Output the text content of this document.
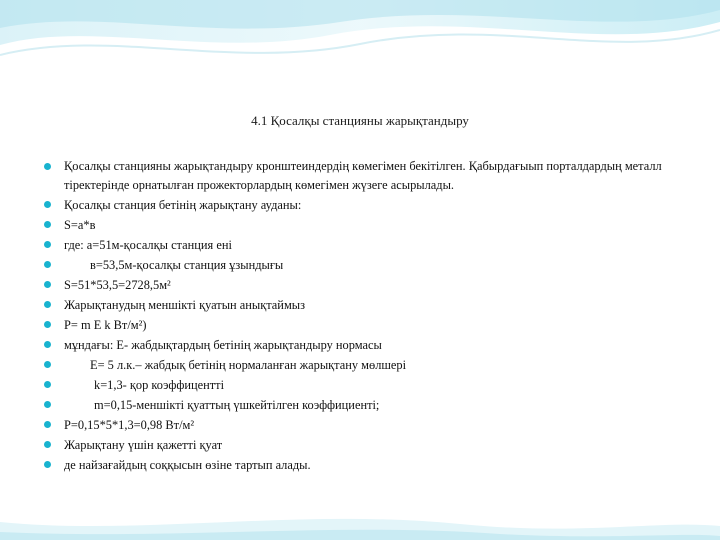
4.1 Қосалқы станцияны жарықтандыру
Қосалқы станцияны жарықтандыру кронштеиндердің көмегімен бекітілген. Қабырдағыып порталдардың металл тіректерінде орнатылған прожекторлардың көмегімен жүзеге асырылады.
Қосалқы станция бетінің жарықтану ауданы:
S=а*в
где: а=51м-қосалқы станция ені
в=53,5м-қосалқы станция ұзындығы
S=51*53,5=2728,5м²
Жарықтанудың меншікті қуатын анықтаймыз
P= m E k Вт/м²)
мұндағы: Е- жабдықтардың бетінің жарықтандыру нормасы
E= 5 л.к.– жабдық бетінің нормаланған жарықтану мөлшері
k=1,3- қор коэффиценттi
m=0,15-меншiктi қуаттың үшкейтiлген коэффициентi;
P=0,15*5*1,3=0,98 Вт/м²
Жарықтану үшін қажетті қуат
де найзағайдың соққысын өзіне тартып алады.
